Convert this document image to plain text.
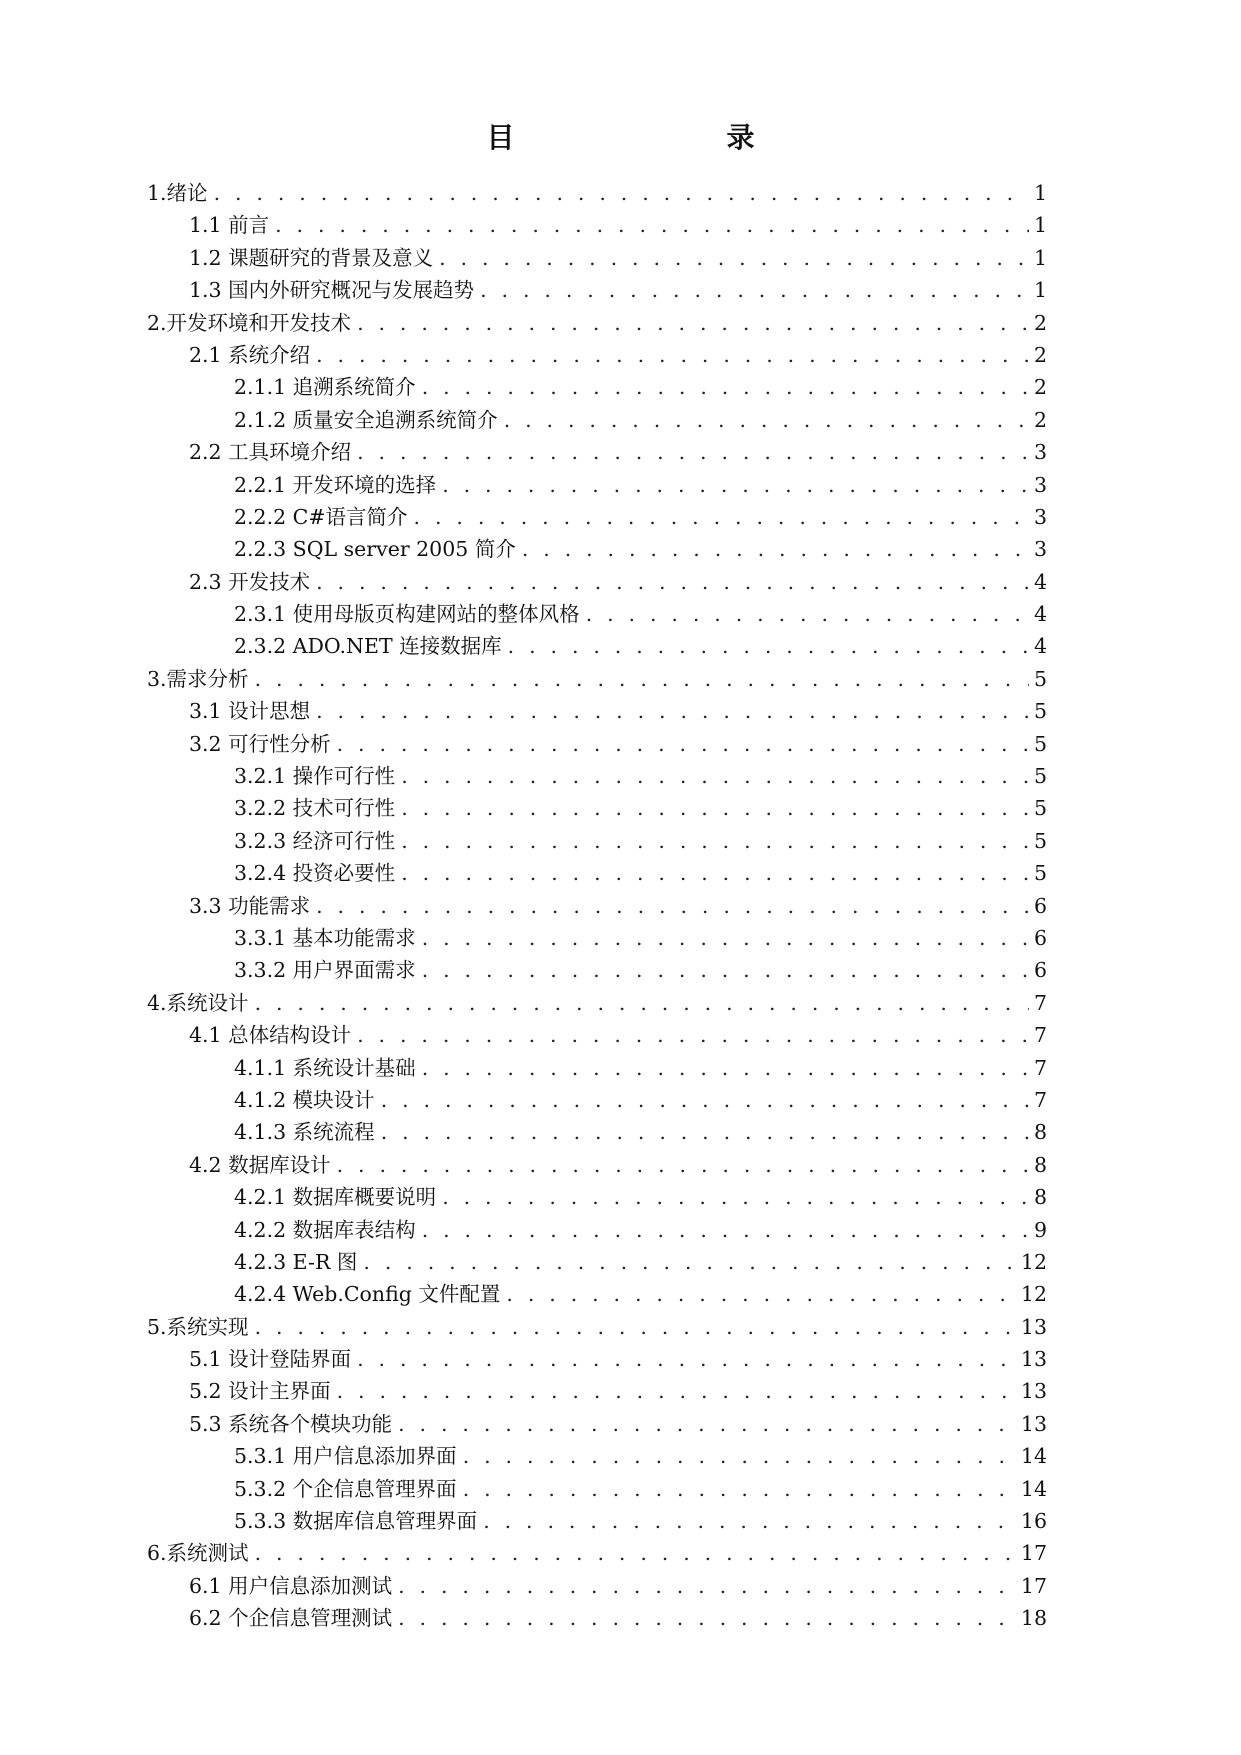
目　　录
1.绪论 . . .	1
1.1 前言 . . .	1
1.2 课题研究的背景及意义 . . .	1
1.3 国内外研究概况与发展趋势 . . .	1
2.开发环境和开发技术 . . .	2
2.1 系统介绍 . . .	2
2.1.1 追溯系统简介 . . .	2
2.1.2 质量安全追溯系统简介 . . .	2
2.2 工具环境介绍 . . .	3
2.2.1 开发环境的选择 . . .	3
2.2.2 C#语言简介 . . .	3
2.2.3 SQL server 2005 简介 . . .	3
2.3 开发技术 . . .	4
2.3.1 使用母版页构建网站的整体风格 . . .	4
2.3.2 ADO.NET 连接数据库 . . .	4
3.需求分析 . . .	5
3.1 设计思想 . . .	5
3.2 可行性分析 . . .	5
3.2.1 操作可行性 . . .	5
3.2.2 技术可行性 . . .	5
3.2.3 经济可行性 . . .	5
3.2.4 投资必要性 . . .	5
3.3 功能需求 . . .	6
3.3.1 基本功能需求 . . .	6
3.3.2 用户界面需求 . . .	6
4.系统设计 . . .	7
4.1 总体结构设计 . . .	7
4.1.1 系统设计基础 . . .	7
4.1.2 模块设计 . . .	7
4.1.3 系统流程 . . .	8
4.2 数据库设计 . . .	8
4.2.1 数据库概要说明 . . .	8
4.2.2 数据库表结构 . . .	9
4.2.3 E-R 图 . . .	12
4.2.4 Web.Config 文件配置 . . .	12
5.系统实现 . . .	13
5.1 设计登陆界面 . . .	13
5.2 设计主界面 . . .	13
5.3 系统各个模块功能 . . .	13
5.3.1 用户信息添加界面 . . .	14
5.3.2 个企信息管理界面 . . .	14
5.3.3 数据库信息管理界面 . . .	16
6.系统测试 . . .	17
6.1 用户信息添加测试 . . .	17
6.2 个企信息管理测试 . . .	18
